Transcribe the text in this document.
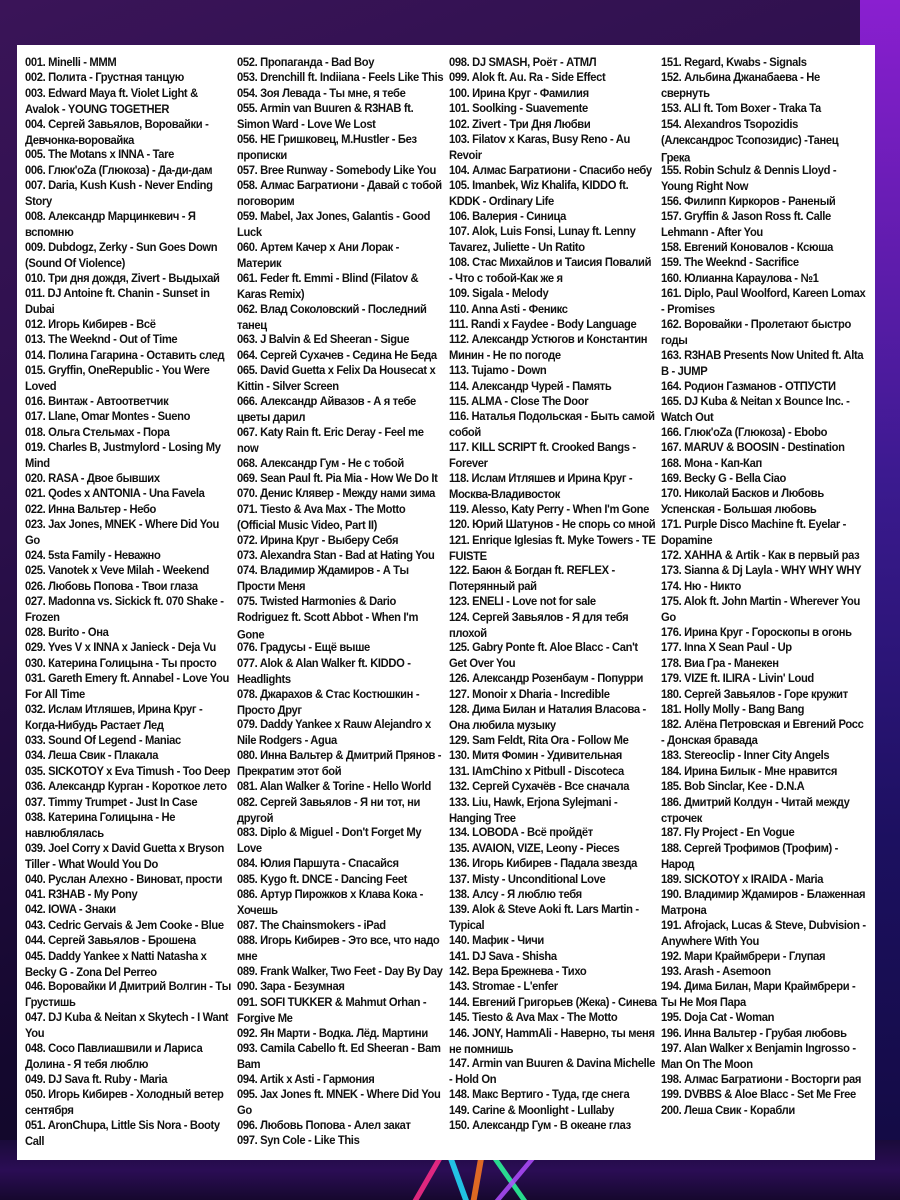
001. Minelli - MMM
002. Полита - Грустная танцую
003. Edward Maya ft. Violet Light & Avalok - YOUNG TOGETHER
004. Сергей Завьялов, Воровайки - Девчонка-воровайка
005. The Motans x INNA - Tare
006. Глюк'oZa (Глюкоза) - Да-ди-дам
007. Daria, Kush Kush - Never Ending Story
008. Александр Марцинкевич - Я вспомню
009. Dubdogz, Zerky - Sun Goes Down (Sound Of Violence)
010. Три дня дождя, Zivert - Выдыхай
011. DJ Antoine ft. Chanin - Sunset in Dubai
012. Игорь Кибирев - Всё
013. The Weeknd - Out of Time
014. Полина Гагарина - Оставить след
015. Gryffin, OneRepublic - You Were Loved
016. Винтаж - Автоответчик
017. Llane, Omar Montes - Sueno
018. Ольга Стельмах - Пора
019. Charles B, Justmylord - Losing My Mind
020. RASA - Двое бывших
021. Qodes x ANTONIA - Una Favela
022. Инна Вальтер - Небо
023. Jax Jones, MNEK - Where Did You Go
024. 5sta Family - Неважно
025. Vanotek x Veve Milah - Weekend
026. Любовь Попова - Твои глаза
027. Madonna vs. Sickick ft. 070 Shake - Frozen
028. Burito - Она
029. Yves V x INNA x Janieck - Deja Vu
030. Катерина Голицына - Ты просто
031. Gareth Emery ft. Annabel - Love You For All Time
032. Ислам Итляшев, Ирина Круг - Когда-Нибудь Растает Лед
033. Sound Of Legend - Maniac
034. Леша Свик - Плакала
035. SICKOTOY x Eva Timush - Too Deep
036. Александр Курган - Короткое лето
037. Timmy Trumpet - Just In Case
038. Катерина Голицына - Не навлюблялась
039. Joel Corry x David Guetta x Bryson Tiller - What Would You Do
040. Руслан Алехно - Виноват, прости
041. R3HAB - My Pony
042. IOWA - Знаки
043. Cedric Gervais & Jem Cooke - Blue
044. Сергей Завьялов - Брошена
045. Daddy Yankee x Natti Natasha x Becky G - Zona Del Perreo
046. Воровайки И Дмитрий Волгин - Ты Грустишь
047. DJ Kuba & Neitan x Skytech - I Want You
048. Сосо Павлиашвили и Лариса Долина - Я тебя люблю
049. DJ Sava ft. Ruby - Maria
050. Игорь Кибирев - Холодный ветер сентября
051. AronChupa, Little Sis Nora - Booty Call
052. Пропаганда - Bad Boy
053. Drenchill ft. Indiiana - Feels Like This
054. Зоя Левада - Ты мне, я тебе
055. Armin van Buuren & R3HAB ft. Simon Ward - Love We Lost
056. НЕ Гришковец, M.Hustler - Без прописки
057. Bree Runway - Somebody Like You
058. Алмас Багратиони - Давай с тобой поговорим
059. Mabel, Jax Jones, Galantis - Good Luck
060. Артем Качер x Ани Лорак - Материк
061. Feder ft. Emmi - Blind (Filatov & Karas Remix)
062. Влад Соколовский - Последний танец
063. J Balvin & Ed Sheeran - Sigue
064. Сергей Сухачев - Седина Не Беда
065. David Guetta x Felix Da Housecat x Kittin - Silver Screen
066. Александр Айвазов - А я тебе цветы дарил
067. Katy Rain ft. Eric Deray - Feel me now
068. Александр Гум - Не с тобой
069. Sean Paul ft. Pia Mia - How We Do It
070. Денис Клявер - Между нами зима
071. Tiesto & Ava Max - The Motto (Official Music Video, Part II)
072. Ирина Круг - Выберу Себя
073. Alexandra Stan - Bad at Hating You
074. Владимир Ждамиров - А Ты Прости Меня
075. Twisted Harmonies & Dario Rodriguez ft. Scott Abbot - When I'm Gone
076. Градусы - Ещё выше
077. Alok & Alan Walker ft. KIDDO - Headlights
078. Джарахов & Стас Костюшкин - Просто Друг
079. Daddy Yankee x Rauw Alejandro x Nile Rodgers - Agua
080. Инна Вальтер & Дмитрий Прянов - Прекратим этот бой
081. Alan Walker & Torine - Hello World
082. Сергей Завьялов - Я ни тот, ни другой
083. Diplo & Miguel - Don't Forget My Love
084. Юлия Паршута - Спасайся
085. Kygo ft. DNCE - Dancing Feet
086. Артур Пирожков x Клава Кока - Хочешь
087. The Chainsmokers - iPad
088. Игорь Кибирев - Это все, что надо мне
089. Frank Walker, Two Feet - Day By Day
090. Зара - Безумная
091. SOFI TUKKER & Mahmut Orhan - Forgive Me
092. Ян Марти - Водка. Лёд. Мартини
093. Camila Cabello ft. Ed Sheeran - Bam Bam
094. Artik x Asti - Гармония
095. Jax Jones ft. MNEK - Where Did You Go
096. Любовь Попова - Алел закат
097. Syn Cole - Like This
098. DJ SMASH, Poёт - АТМЛ
099. Alok ft. Au. Ra - Side Effect
100. Ирина Круг - Фамилия
101. Soolking - Suavemente
102. Zivert - Три Дня Любви
103. Filatov x Karas, Busy Reno - Au Revoir
104. Алмас Багратиони - Спасибо небу
105. Imanbek, Wiz Khalifa, KIDDO ft. KDDK - Ordinary Life
106. Валерия - Синица
107. Alok, Luis Fonsi, Lunay ft. Lenny Tavarez, Juliette - Un Ratito
108. Стас Михайлов и Таисия Повалий - Что с тобой-Как же я
109. Sigala - Melody
110. Anna Asti - Феникс
111. Randi x Faydee - Body Language
112. Александр Устюгов и Константин Минин - Не по погоде
113. Tujamo - Down
114. Александр Чурей - Память
115. ALMA - Close The Door
116. Наталья Подольская - Быть самой собой
117. KILL SCRIPT ft. Crooked Bangs - Forever
118. Ислам Итляшев и Ирина Круг - Москва-Владивосток
119. Alesso, Katy Perry - When I'm Gone
120. Юрий Шатунов - Не спорь со мной
121. Enrique Iglesias ft. Myke Towers - TE FUISTE
122. Баюн & Богдан ft. REFLEX - Потерянный рай
123. ENELI - Love not for sale
124. Сергей Завьялов - Я для тебя плохой
125. Gabry Ponte ft. Aloe Blacc - Can't Get Over You
126. Александр Розенбаум - Попурри
127. Monoir x Dharia - Incredible
128. Дима Билан и Наталия Власова - Она любила музыку
129. Sam Feldt, Rita Ora - Follow Me
130. Митя Фомин - Удивительная
131. IAmChino x Pitbull - Discoteca
132. Сергей Сухачёв - Все сначала
133. Liu, Hawk, Erjona Sylejmani - Hanging Tree
134. LOBODA - Всё пройдёт
135. AVAION, VIZE, Leony - Pieces
136. Игорь Кибирев - Падала звезда
137. Misty - Unconditional Love
138. Алсу - Я люблю тебя
139. Alok & Steve Aoki ft. Lars Martin - Typical
140. Мафик - Чичи
141. DJ Sava - Shisha
142. Вера Брежнева - Тихо
143. Stromae - L'enfer
144. Евгений Григорьев (Жека) - Синева
145. Tiesto & Ava Max - The Motto
146. JONY, HammAli - Наверно, ты меня не помнишь
147. Armin van Buuren & Davina Michelle - Hold On
148. Макс Вертиго - Туда, где снега
149. Carine & Moonlight - Lullaby
150. Александр Гум - В океане глаз
151. Regard, Kwabs - Signals
152. Альбина Джанабаева - Не свернуть
153. ALI ft. Tom Boxer - Traka Ta
154. Alexandros Tsopozidis (Александрос Тсопозидис) -Танец Грека
155. Robin Schulz & Dennis Lloyd - Young Right Now
156. Филипп Киркоров - Раненый
157. Gryffin & Jason Ross ft. Calle Lehmann - After You
158. Евгений Коновалов - Ксюша
159. The Weeknd - Sacrifice
160. Юлианна Караулова - №1
161. Diplo, Paul Woolford, Kareen Lomax - Promises
162. Воровайки - Пролетают быстро годы
163. R3HAB Presents Now United ft. Alta B - JUMP
164. Родион Газманов - ОТПУСТИ
165. DJ Kuba & Neitan x Bounce Inc. - Watch Out
166. Глюк'oZa (Глюкоза) - Ebobo
167. MARUV & BOOSIN - Destination
168. Мона - Кап-Кап
169. Becky G - Bella Ciao
170. Николай Басков и Любовь Успенская - Большая любовь
171. Purple Disco Machine ft. Eyelar - Dopamine
172. ХАННА & Artik - Как в первый раз
173. Sianna & Dj Layla - WHY WHY WHY
174. Ню - Никто
175. Alok ft. John Martin - Wherever You Go
176. Ирина Круг - Гороскопы в огонь
177. Inna X Sean Paul - Up
178. Виа Гра - Манекен
179. VIZE ft. ILIRA - Livin' Loud
180. Сергей Завьялов - Горе кружит
181. Holly Molly - Bang Bang
182. Алёна Петровская и Евгений Росс - Донская бравада
183. Stereoclip - Inner City Angels
184. Ирина Билык - Мне нравится
185. Bob Sinclar, Kee - D.N.A
186. Дмитрий Колдун - Читай между строчек
187. Fly Project - En Vogue
188. Сергей Трофимов (Трофим) - Народ
189. SICKOTOY x IRAIDA - Maria
190. Владимир Ждамиров - Блаженная Матрона
191. Afrojack, Lucas & Steve, Dubvision - Anywhere With You
192. Мари Краймбрери - Глупая
193. Arash - Asemoon
194. Дима Билан, Мари Краймбрери - Ты Не Моя Пара
195. Doja Cat - Woman
196. Инна Вальтер - Грубая любовь
197. Alan Walker x Benjamin Ingrosso - Man On The Moon
198. Алмас Багратиони - Восторги рая
199. DVBBS & Aloe Blacc - Set Me Free
200. Леша Свик - Корабли
